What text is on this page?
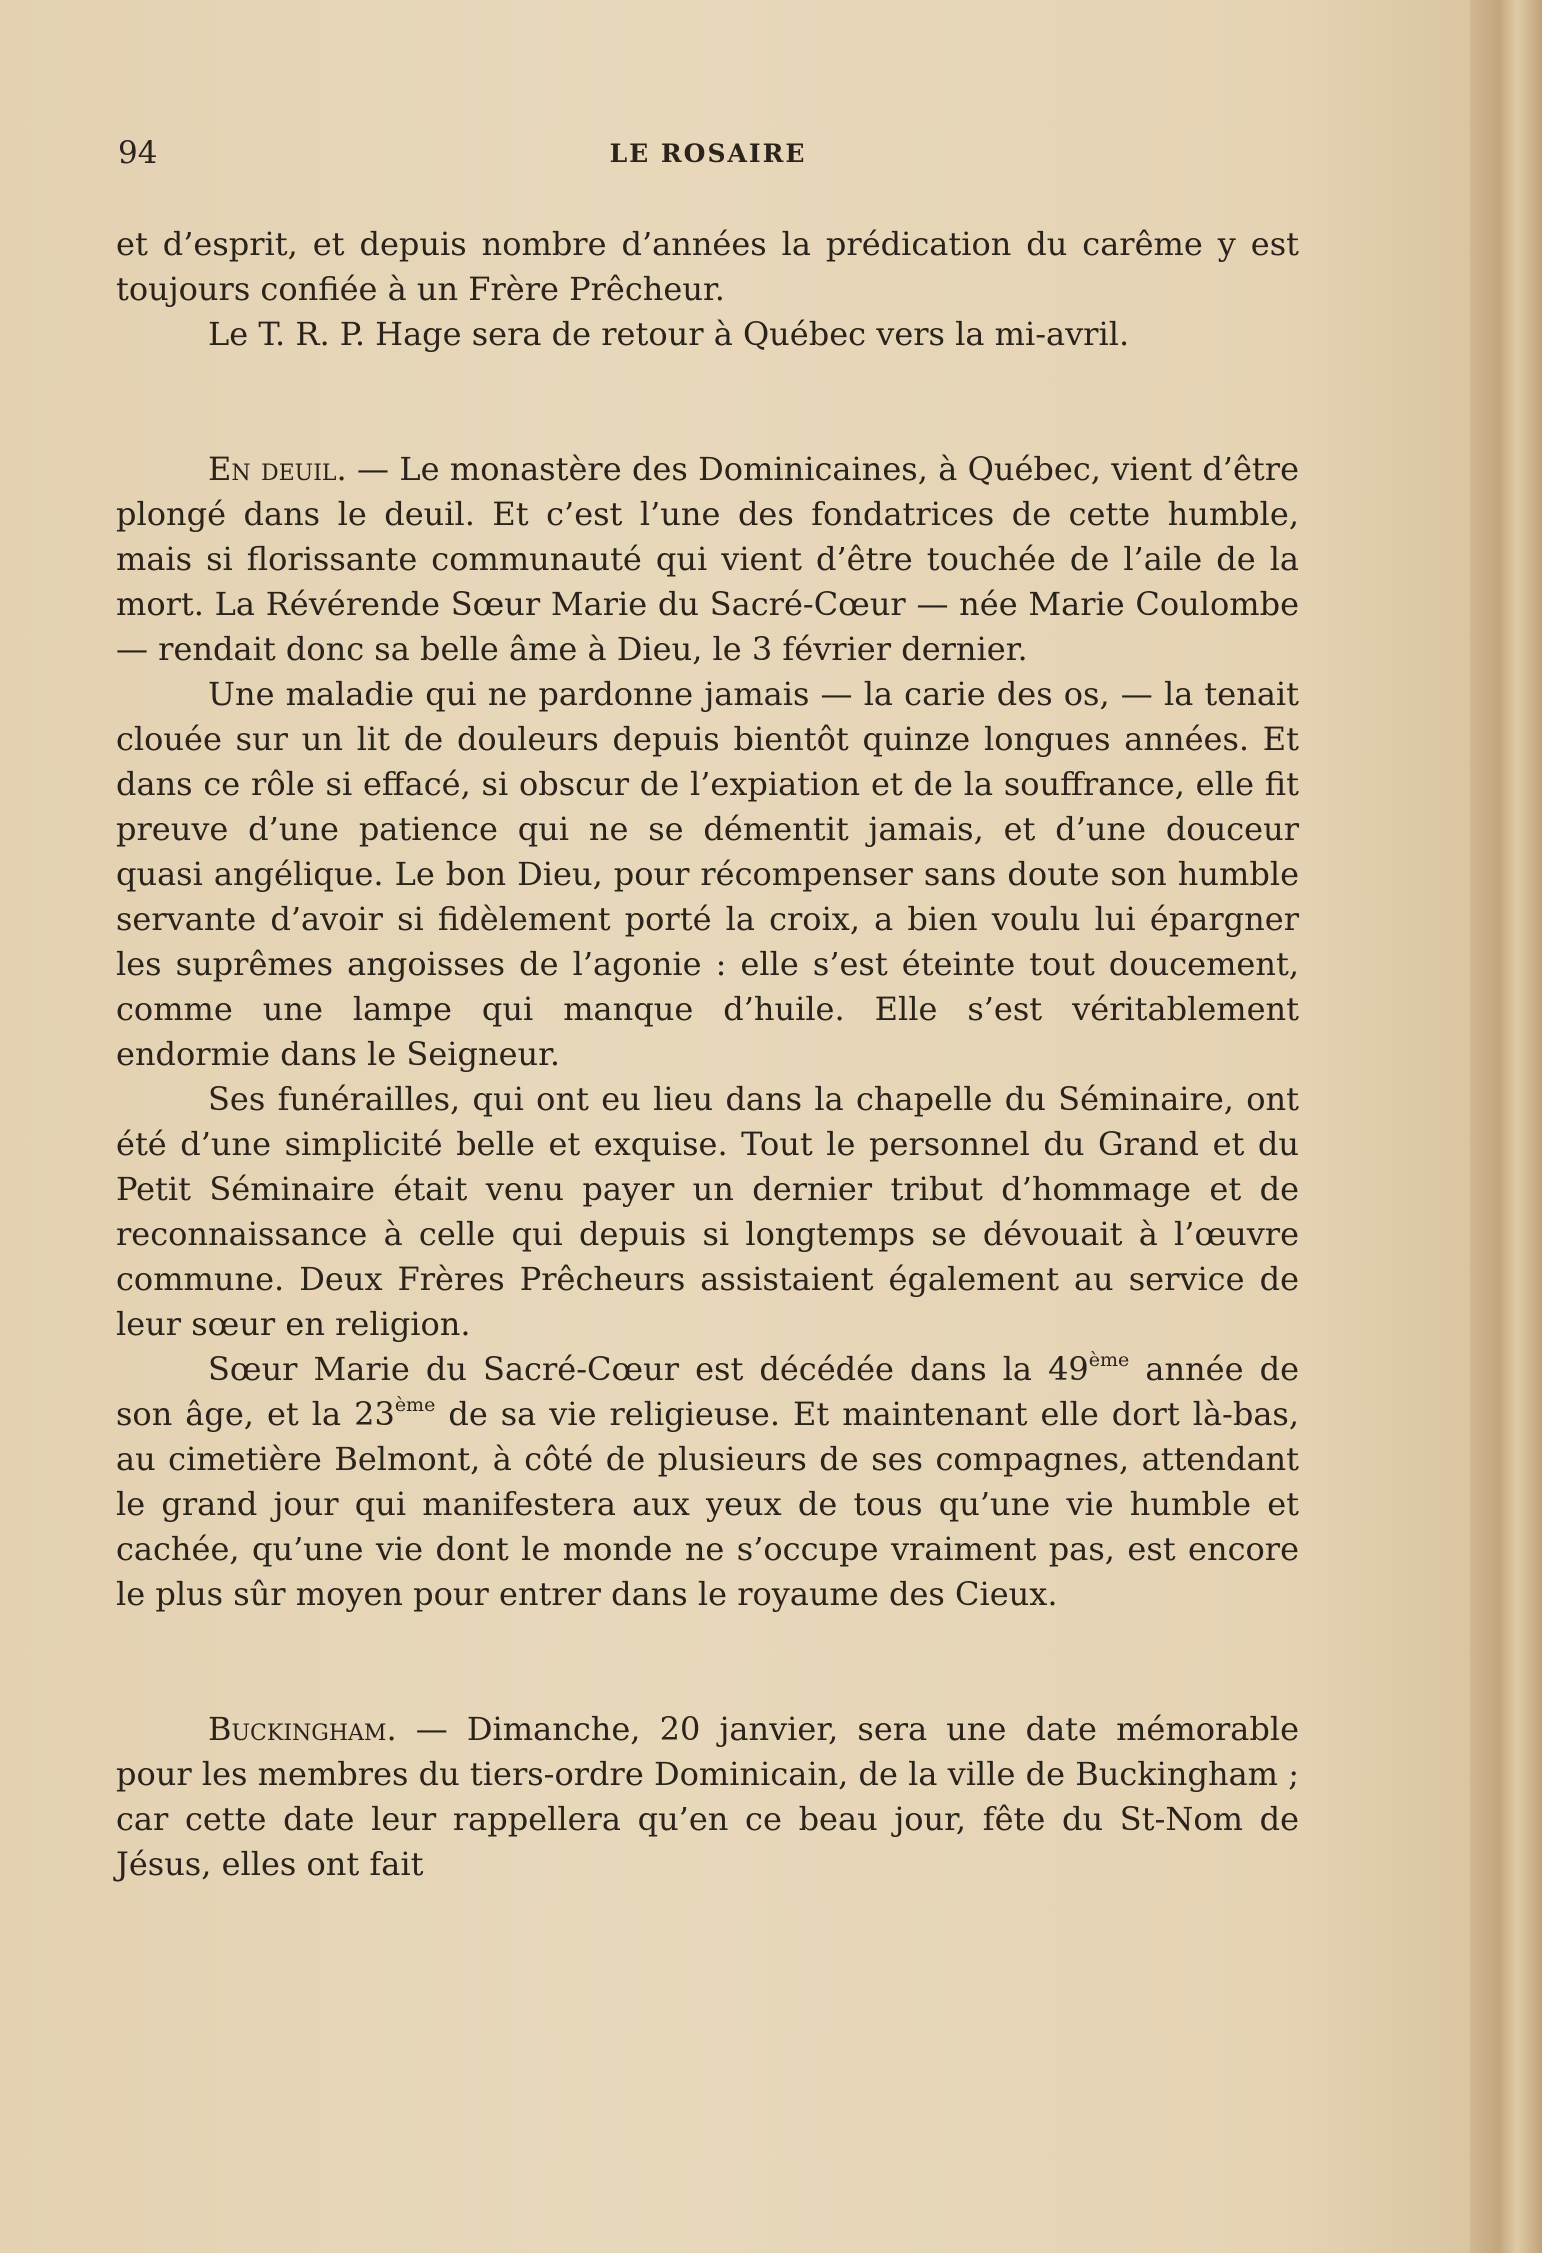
94	LE ROSAIRE

et d’esprit, et depuis nombre d’années la prédication du carême y est toujours confiée à un Frère Prêcheur.

Le T. R. P. Hage sera de retour à Québec vers la mi-avril.

En deuil. — Le monastère des Dominicaines, à Québec, vient d’être plongé dans le deuil. Et c’est l’une des fondatrices de cette humble, mais si florissante communauté qui vient d’être touchée de l’aile de la mort. La Révérende Sœur Marie du Sacré-Cœur — née Marie Coulombe — rendait donc sa belle âme à Dieu, le 3 février dernier.

Une maladie qui ne pardonne jamais — la carie des os, — la tenait clouée sur un lit de douleurs depuis bientôt quinze longues années. Et dans ce rôle si effacé, si obscur de l’expiation et de la souffrance, elle fit preuve d’une patience qui ne se démentit jamais, et d’une douceur quasi angélique. Le bon Dieu, pour récompenser sans doute son humble servante d’avoir si fidèlement porté la croix, a bien voulu lui épargner les suprêmes angoisses de l’agonie : elle s’est éteinte tout doucement, comme une lampe qui manque d’huile. Elle s’est véritablement endormie dans le Seigneur.

Ses funérailles, qui ont eu lieu dans la chapelle du Séminaire, ont été d’une simplicité belle et exquise. Tout le personnel du Grand et du Petit Séminaire était venu payer un dernier tribut d’hommage et de reconnaissance à celle qui depuis si longtemps se dévouait à l’œuvre commune. Deux Frères Prêcheurs assistaient également au service de leur sœur en religion.

Sœur Marie du Sacré-Cœur est décédée dans la 49ème année de son âge, et la 23ème de sa vie religieuse. Et maintenant elle dort là-bas, au cimetière Belmont, à côté de plusieurs de ses compagnes, attendant le grand jour qui manifestera aux yeux de tous qu’une vie humble et cachée, qu’une vie dont le monde ne s’occupe vraiment pas, est encore le plus sûr moyen pour entrer dans le royaume des Cieux.

Buckingham. — Dimanche, 20 janvier, sera une date mémorable pour les membres du tiers-ordre Dominicain, de la ville de Buckingham ; car cette date leur rappellera qu’en ce beau jour, fête du St-Nom de Jésus, elles ont fait
